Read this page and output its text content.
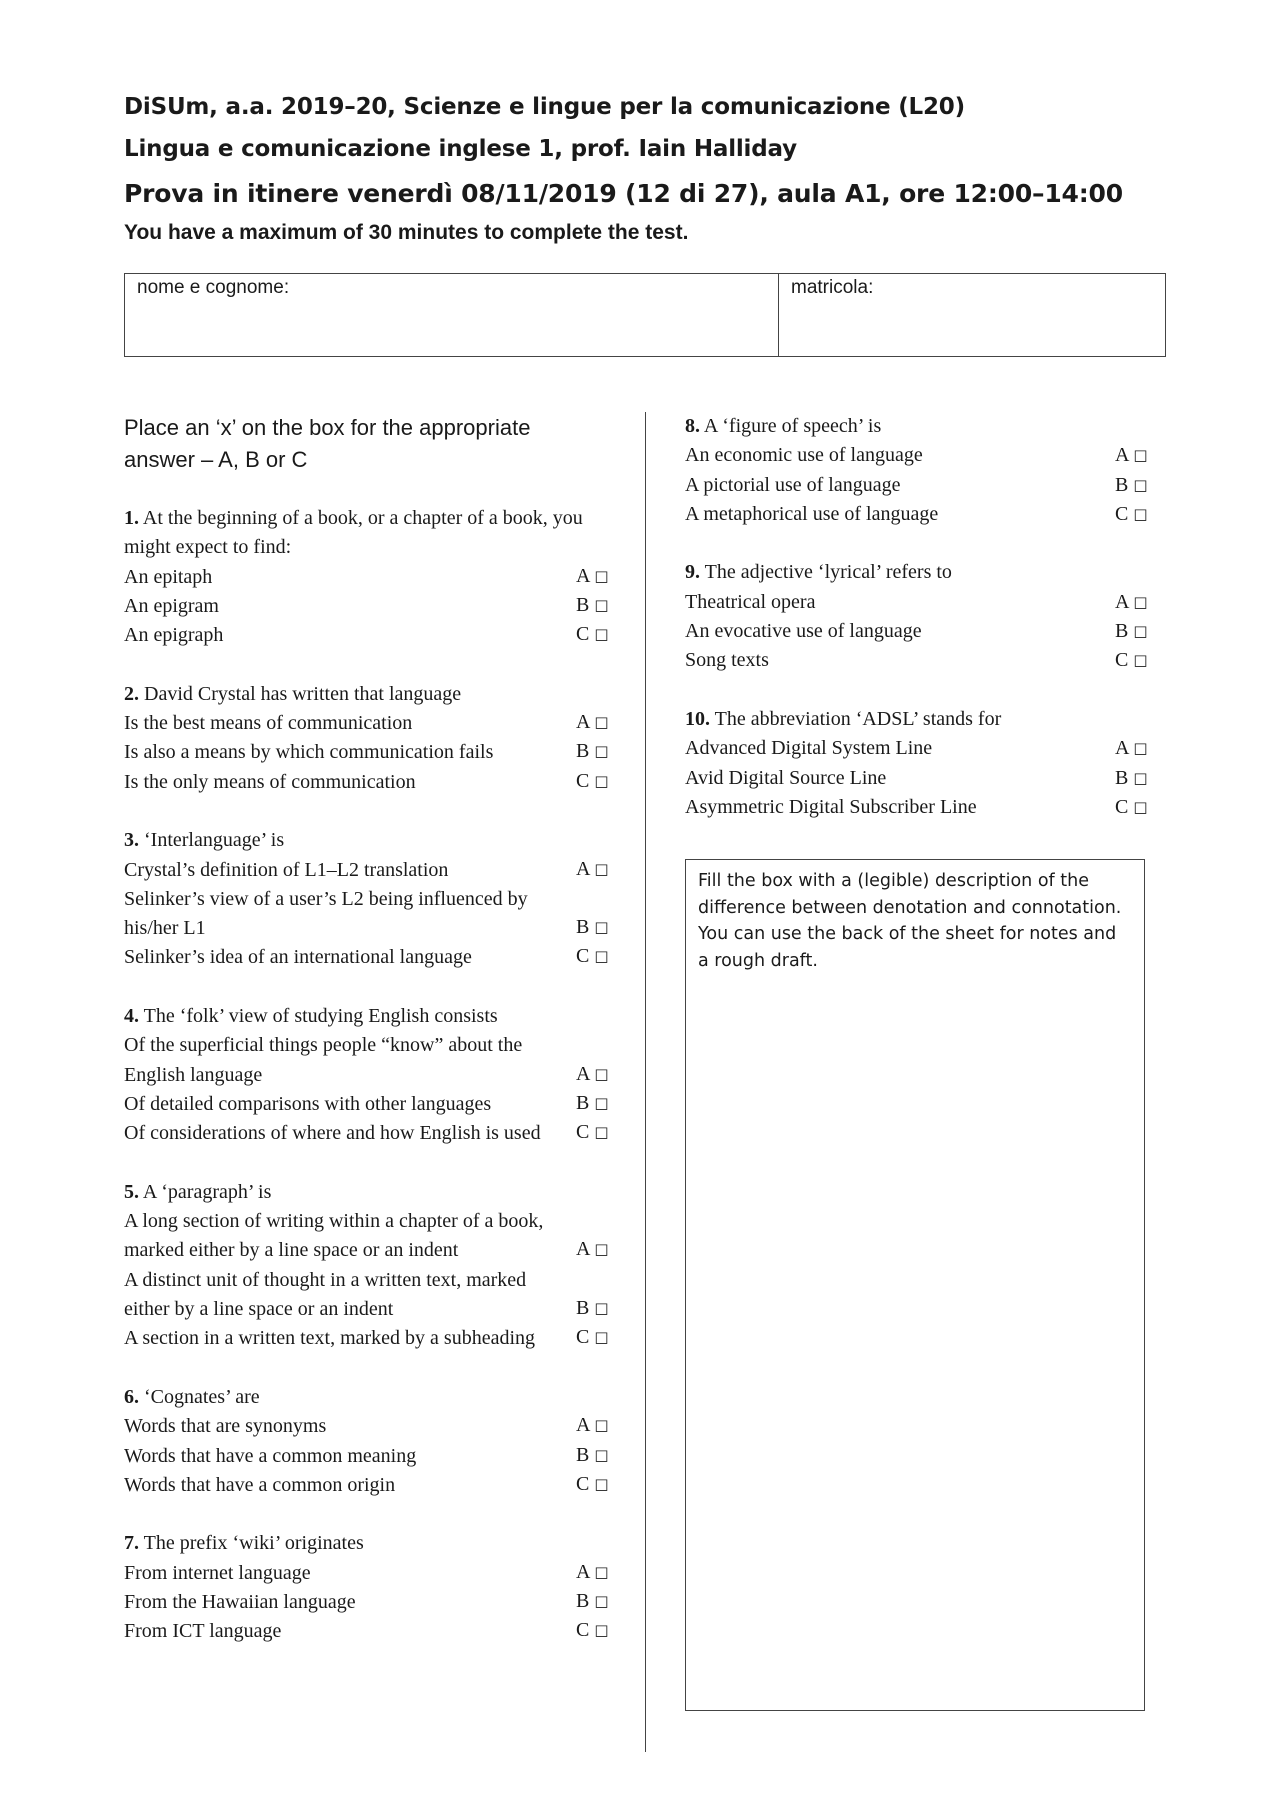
DiSUm, a.a. 2019–20, Scienze e lingue per la comunicazione (L20)
Lingua e comunicazione inglese 1, prof. Iain Halliday
Prova in itinere venerdì 08/11/2019 (12 di 27), aula A1, ore 12:00–14:00
You have a maximum of 30 minutes to complete the test.
nome e cognome:	matricola:
Place an ‘x’ on the box for the appropriate answer – A, B or C
1. At the beginning of a book, or a chapter of a book, you might expect to find:
An epitaph	A □
An epigram	B □
An epigraph	C □
2. David Crystal has written that language
Is the best means of communication	A □
Is also a means by which communication fails	B □
Is the only means of communication	C □
3. ‘Interlanguage’ is
Crystal’s definition of L1–L2 translation	A □
Selinker’s view of a user’s L2 being influenced by his/her L1	B □
Selinker’s idea of an international language	C □
4. The ‘folk’ view of studying English consists
Of the superficial things people “know” about the English language	A □
Of detailed comparisons with other languages	B □
Of considerations of where and how English is used	C □
5. A ‘paragraph’ is
A long section of writing within a chapter of a book, marked either by a line space or an indent	A □
A distinct unit of thought in a written text, marked either by a line space or an indent	B □
A section in a written text, marked by a subheading	C □
6. ‘Cognates’ are
Words that are synonyms	A □
Words that have a common meaning	B □
Words that have a common origin	C □
7. The prefix ‘wiki’ originates
From internet language	A □
From the Hawaiian language	B □
From ICT language	C □
8. A ‘figure of speech’ is
An economic use of language	A □
A pictorial use of language	B □
A metaphorical use of language	C □
9. The adjective ‘lyrical’ refers to
Theatrical opera	A □
An evocative use of language	B □
Song texts	C □
10. The abbreviation ‘ADSL’ stands for
Advanced Digital System Line	A □
Avid Digital Source Line	B □
Asymmetric Digital Subscriber Line	C □
Fill the box with a (legible) description of the difference between denotation and connotation. You can use the back of the sheet for notes and a rough draft.
